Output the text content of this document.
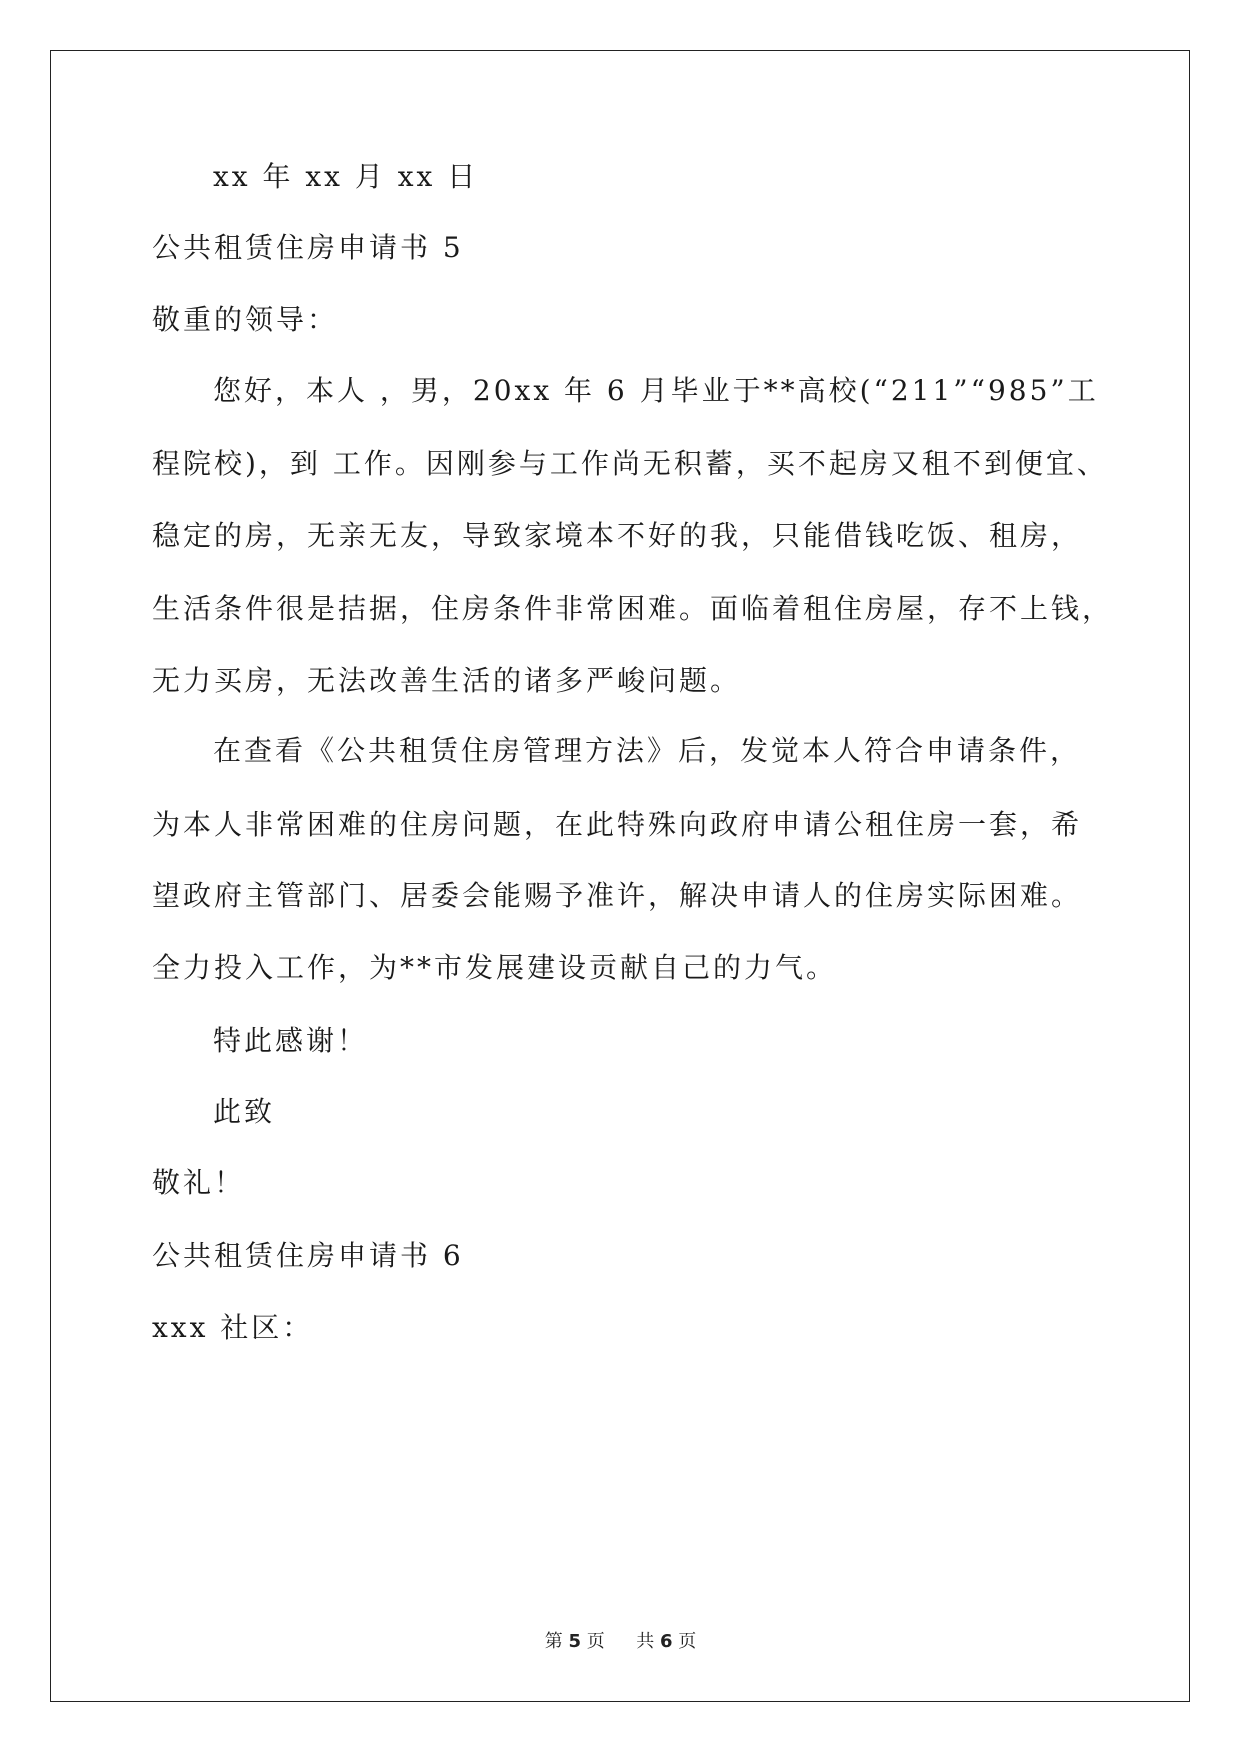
xx 年 xx 月 xx 日
公共租赁住房申请书 5
敬重的领导：
您好，本人 ，男，20xx 年 6 月毕业于**高校(“211”“985”工
程院校)，到 工作。因刚参与工作尚无积蓄，买不起房又租不到便宜、
稳定的房，无亲无友，导致家境本不好的我，只能借钱吃饭、租房，
生活条件很是拮据，住房条件非常困难。面临着租住房屋，存不上钱，
无力买房，无法改善生活的诸多严峻问题。
在查看《公共租赁住房管理方法》后，发觉本人符合申请条件，
为本人非常困难的住房问题，在此特殊向政府申请公租住房一套，希
望政府主管部门、居委会能赐予准许，解决申请人的住房实际困难。
全力投入工作，为**市发展建设贡献自己的力气。
特此感谢！
此致
敬礼！
公共租赁住房申请书 6
xxx 社区：
第 5 页 共 6 页
